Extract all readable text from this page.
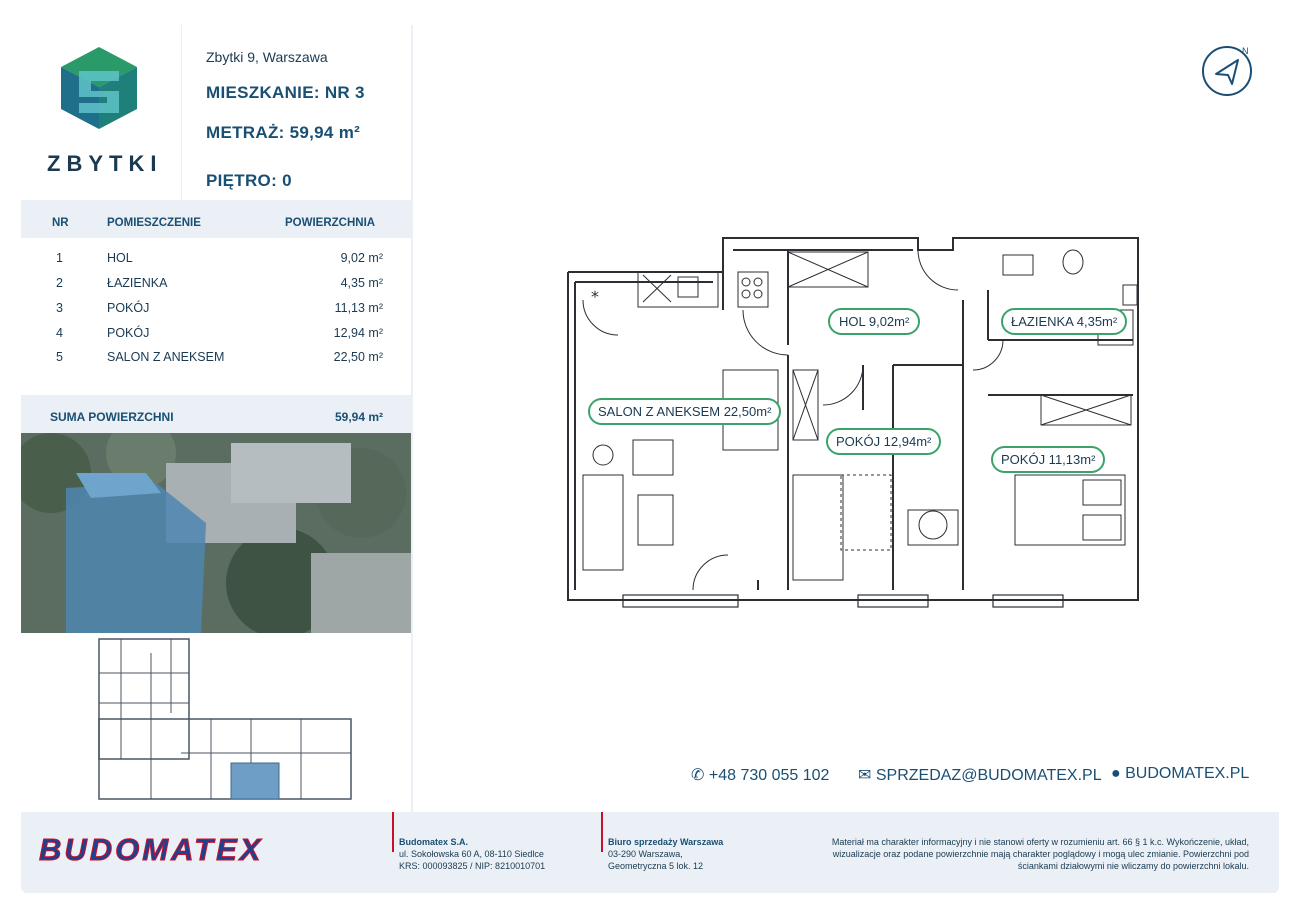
ZBYTKI
Zbytki 9, Warszawa
MIESZKANIE: NR 3
METRAŻ: 59,94 m²
PIĘTRO: 0
NR	POMIESZCZENIE	POWIERZCHNIA
1	HOL	9,02 m²
2	ŁAZIENKA	4,35 m²
3	POKÓJ	11,13 m²
4	POKÓJ	12,94 m²
5	SALON Z ANEKSEM	22,50 m²
SUMA POWIERZCHNI	59,94 m²
N
*
HOL 9,02m²	ŁAZIENKA 4,35m²
SALON Z ANEKSEM 22,50m²
POKÓJ 12,94m²
POKÓJ 11,13m²
✆ +48 730 055 102 ✉ SPRZEDAZ@BUDOMATEX.PL ● BUDOMATEX.PL
BUDOMATEX	Budomatex S.A.
ul. Sokołowska 60 A, 08-110 Siedlce
KRS: 000093825 / NIP: 8210010701
Biuro sprzedaży Warszawa
03-290 Warszawa,
Geometryczna 5 lok. 12
Materiał ma charakter informacyjny i nie stanowi oferty w rozumieniu art. 66 § 1 k.c. Wykończenie, układ,
wizualizacje oraz podane powierzchnie mają charakter poglądowy i mogą ulec zmianie. Powierzchni pod
ściankami działowymi nie wliczamy do powierzchni lokalu.
